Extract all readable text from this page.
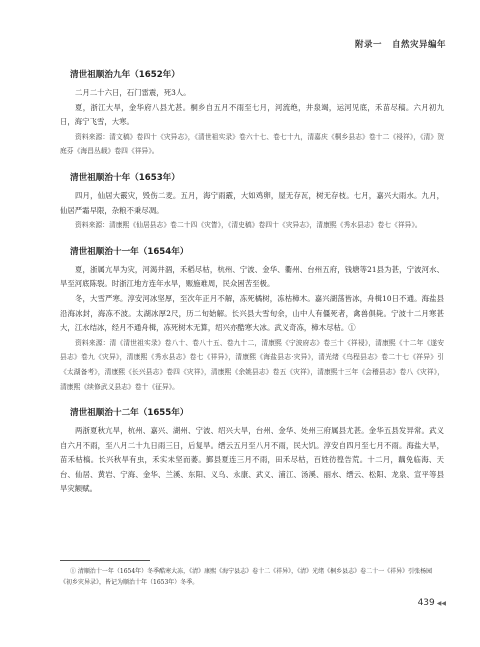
附录一 自然灾异编年
清世祖顺治九年（1652年）

二月二十六日，石门雷震，死3人。

夏，浙江大旱，金华府八县尤甚。桐乡自五月不雨至七月，河流绝，井泉竭，运河见底，禾苗尽稿。六月初九日，海宁飞雪，大寒。

资料来源：清文稿》卷四十《灾异志》，《清世祖实录》卷六十七、卷七十九，清嘉庆《桐乡县志》卷十二《祲祥》，《清》贺庭芬《海昌丛载》卷四《祥异》。

清世祖顺治十年（1653年）

四月，仙居大霰灾，毁伤二麦。五月，海宁雨霰，大如鸡卵，屋无存瓦，树无存枝。七月，嘉兴大雨水。九月，仙居严霜早限，杂粮不秉尽凋。

资料来源：清康熙《仙居县志》卷二十四《灾眚》，《清史稿》卷四十《灾异志》，清康熙《秀水县志》卷七《祥异》。

清世祖顺治十一年（1654年）

夏，浙属亢旱为灾，河渴井涸，禾稻尽枯，杭州、宁波、金华、衢州、台州五府，钱塘等21县为甚，宁波河水、旱至河底陈裂。时浙江地方连年水旱，赈施难周，民众困苦至极。

冬，大雪严寒。淳安河冰坚厚，至次年正月不解，冻死橘树，冻枯樟木。嘉兴湖荡皆冰，舟楫10日不通。海盐县沿海冰封，海冻不波。太湖冰厚2尺，历二旬始解。长兴县大雪旬余，山中人有僵死者，禽兽俱毙。宁波十二月寒甚大，江水结冰，经月不通舟楫，冻死树木无算，绍兴亦酷寒大冰。武义奇冻，樟木尽枯。①

资料来源：清《清世祖实录》卷八十、卷八十五、卷九十二，清康熙《宁波府志》卷三十《祥祲》，清康熙《十二年《遂安县志》卷九《灾异》，清康熙《秀水县志》卷七《祥异》，清康熙《海盐县志·灾异》，清光绪《乌程县志》卷二十七《祥异》引《太湖备考》，清康熙《长兴县志》卷四《灾祥》，清康熙《余姚县志》卷五《灾祥》，清康熙十三年《会稽县志》卷八《灾祥》，清康熙《续修武义县志》卷十《征异》。

清世祖顺治十二年（1655年）

两浙夏秋亢旱，杭州、嘉兴、湖州、宁波、绍兴大旱，台州、金华、处州三府属县尤甚。金华五县发异常。武义自六月不雨，至八月二十九日雨三日，后复旱。缙云五月至八月不雨，民大饥。淳安自四月至七月不雨。海盐大旱，苗禾枯槁。长兴秋旱有虫，禾实未坚而萎。鄞县夏连三月不雨，田禾尽枯，百姓彷徨告荒。十二月，藕免临海、天台、仙居、黄岩、宁海、金华、兰溪、东阳、义乌、永康、武义、浦江、汤溪、丽水、缙云、松阳、龙泉、宣平等县旱灾额赋。

① 清顺治十一年（1654年）冬季酷寒大冻，《清》康熙《海宁县志》卷十二《祥异》，《清》光绪《桐乡县志》卷二十一《祥异》引张杨园《初乡灾异录》，皆记为顺治十年（1653年）冬季。
439 ◀◀
